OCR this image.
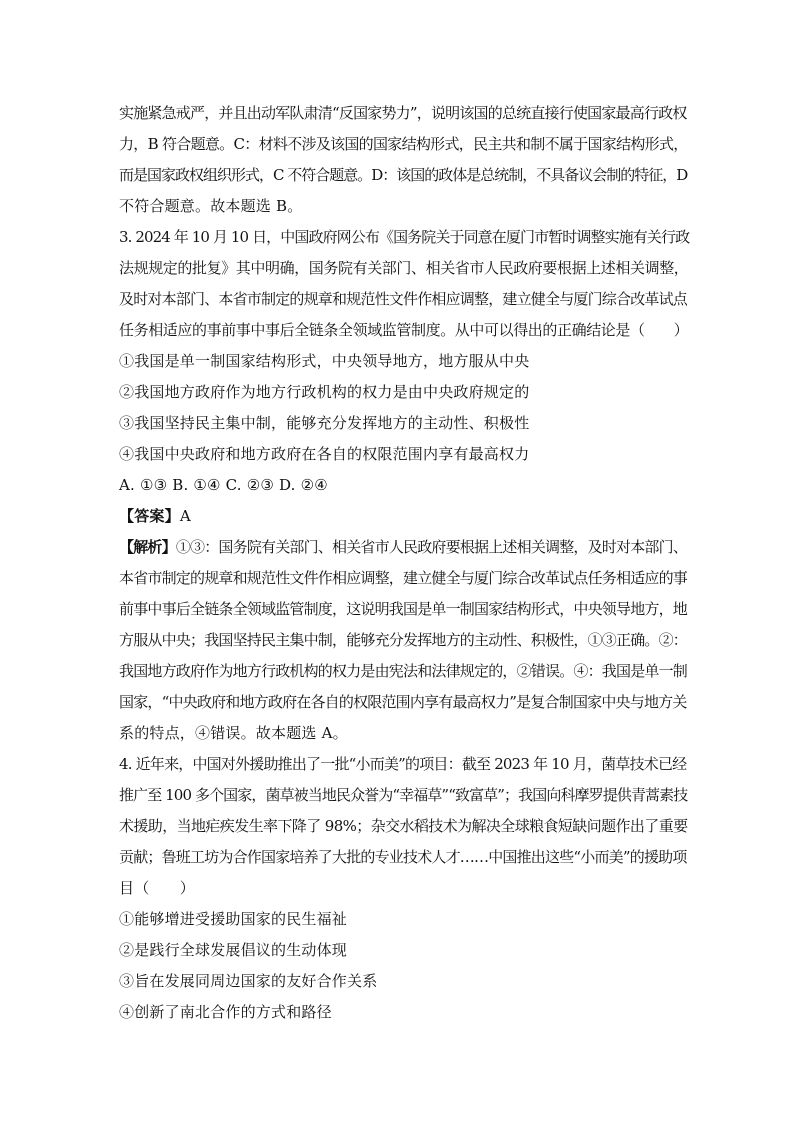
实施紧急戒严，并且出动军队肃清“反国家势力”，说明该国的总统直接行使国家最高行政权
力，B 符合题意。C：材料不涉及该国的国家结构形式，民主共和制不属于国家结构形式，
而是国家政权组织形式，C 不符合题意。D：该国的政体是总统制，不具备议会制的特征，D
不符合题意。故本题选 B。
3. 2024 年 10 月 10 日，中国政府网公布《国务院关于同意在厦门市暂时调整实施有关行政
法规规定的批复》其中明确，国务院有关部门、相关省市人民政府要根据上述相关调整，
及时对本部门、本省市制定的规章和规范性文件作相应调整，建立健全与厦门综合改革试点
任务相适应的事前事中事后全链条全领域监管制度。从中可以得出的正确结论是（　　）
①我国是单一制国家结构形式，中央领导地方，地方服从中央
②我国地方政府作为地方行政机构的权力是由中央政府规定的
③我国坚持民主集中制，能够充分发挥地方的主动性、积极性
④我国中央政府和地方政府在各自的权限范围内享有最高权力
A. ①③ B. ①④ C. ②③ D. ②④
【答案】A
【解析】①③：国务院有关部门、相关省市人民政府要根据上述相关调整，及时对本部门、
本省市制定的规章和规范性文件作相应调整，建立健全与厦门综合改革试点任务相适应的事
前事中事后全链条全领域监管制度，这说明我国是单一制国家结构形式，中央领导地方，地
方服从中央；我国坚持民主集中制，能够充分发挥地方的主动性、积极性，①③正确。②：
我国地方政府作为地方行政机构的权力是由宪法和法律规定的，②错误。④：我国是单一制
国家，“中央政府和地方政府在各自的权限范围内享有最高权力”是复合制国家中央与地方关
系的特点，④错误。故本题选 A。
4. 近年来，中国对外援助推出了一批“小而美”的项目：截至 2023 年 10 月，菌草技术已经
推广至 100 多个国家，菌草被当地民众誉为“幸福草”“致富草”；我国向科摩罗提供青蒿素技
术援助，当地疟疾发生率下降了 98%；杂交水稻技术为解决全球粮食短缺问题作出了重要
贡献；鲁班工坊为合作国家培养了大批的专业技术人才……中国推出这些“小而美”的援助项
目（　　）
①能够增进受援助国家的民生福祉
②是践行全球发展倡议的生动体现
③旨在发展同周边国家的友好合作关系
④创新了南北合作的方式和路径
